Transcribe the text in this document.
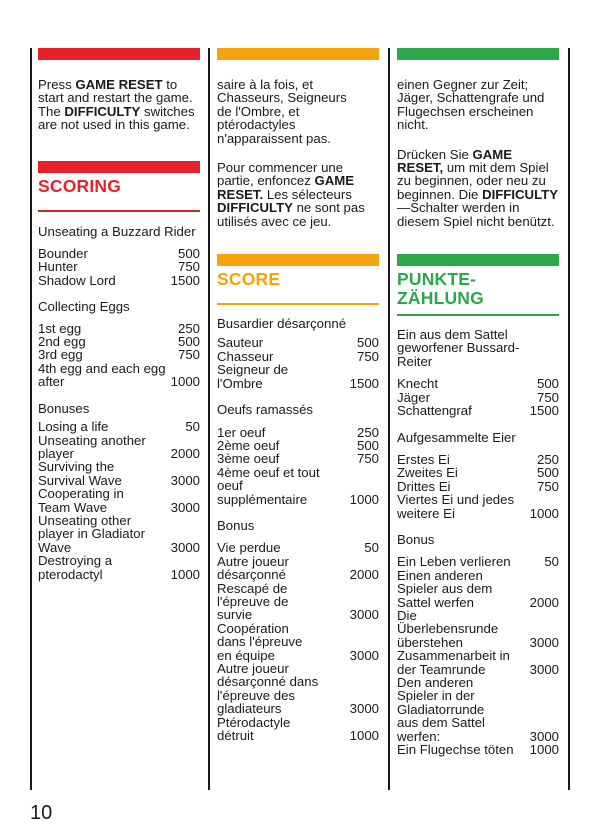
Press GAME RESET to start and restart the game. The DIFFICULTY switches are not used in this game.

SCORING

Unseating a Buzzard Rider

Bounder	500
Hunter	750
Shadow Lord	1500

Collecting Eggs

1st egg	250
2nd egg	500
3rd egg	750
4th egg and each egg after	1000

Bonuses

Losing a life	50
Unseating another player	2000
Surviving the Survival Wave	3000
Cooperating in Team Wave	3000
Unseating other player in Gladiator Wave	3000
Destroying a pterodactyl	1000

saire à la fois, et Chasseurs, Seigneurs de l'Ombre, et ptérodactyles n'apparaissent pas.

Pour commencer une partie, enfoncez GAME RESET. Les sélecteurs DIFFICULTY ne sont pas utilisés avec ce jeu.

SCORE

Busardier désarçonné

Sauteur	500
Chasseur	750
Seigneur de l'Ombre	1500

Oeufs ramassés

1er oeuf	250
2ème oeuf	500
3ème oeuf	750
4ème oeuf et tout oeuf supplémentaire	1000

Bonus

Vie perdue	50
Autre joueur désarçonné	2000
Rescapé de l'épreuve de survie	3000
Coopération dans l'épreuve en équipe	3000
Autre joueur désarçonné dans l'épreuve des gladiateurs	3000
Ptérodactyle détruit	1000

einen Gegner zur Zeit; Jäger, Schattengrafe und Flugechsen erscheinen nicht.

Drücken Sie GAME RESET, um mit dem Spiel zu beginnen, oder neu zu beginnen. Die DIFFICULTY —Schalter werden in diesem Spiel nicht benützt.

PUNKTE-
ZÄHLUNG

Ein aus dem Sattel geworfener Bussard-Reiter

Knecht	500
Jäger	750
Schattengraf	1500

Aufgesammelte Eier

Erstes Ei	250
Zweites Ei	500
Drittes Ei	750
Viertes Ei und jedes weitere Ei	1000

Bonus

Ein Leben verlieren	50
Einen anderen Spieler aus dem Sattel werfen	2000
Die Überlebensrunde überstehen	3000
Zusammenarbeit in der Teamrunde	3000
Den anderen Spieler in der Gladiatorrunde aus dem Sattel werfen:	3000
Ein Flugechse töten	1000
10
